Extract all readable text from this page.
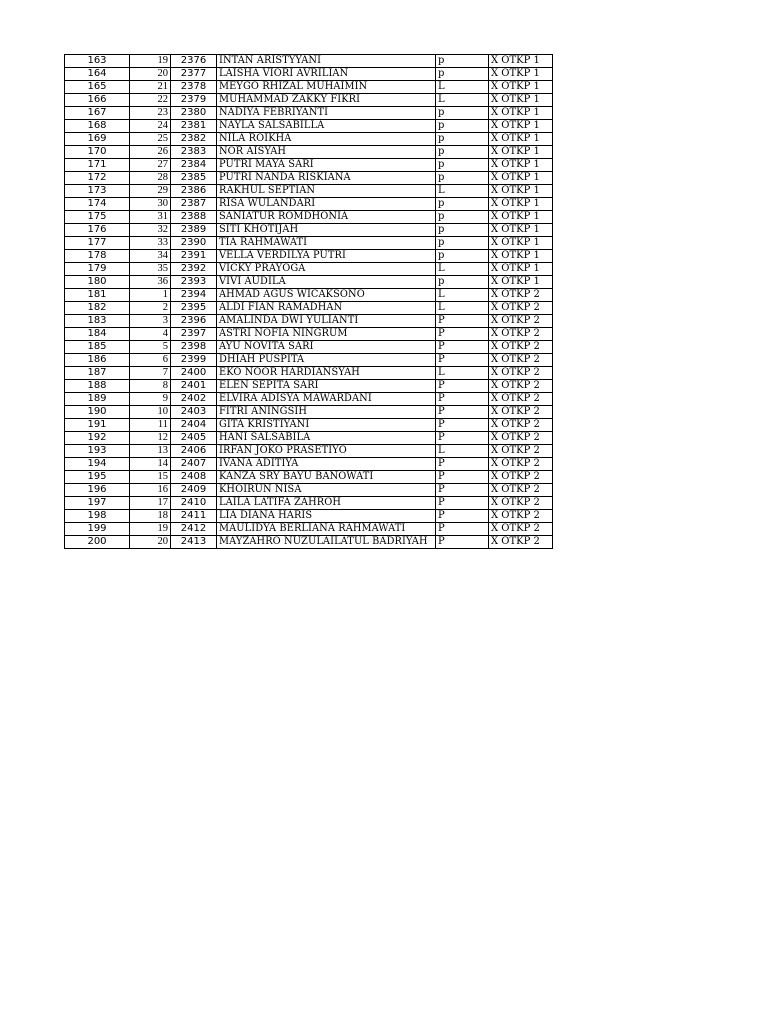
163	19	2376	INTAN ARISTYYANI	p	X OTKP 1
164	20	2377	LAISHA VIORI AVRILIAN	p	X OTKP 1
165	21	2378	MEYGO RHIZAL MUHAIMIN	L	X OTKP 1
166	22	2379	MUHAMMAD ZAKKY FIKRI	L	X OTKP 1
167	23	2380	NADIYA FEBRIYANTI	p	X OTKP 1
168	24	2381	NAYLA SALSABILLA	p	X OTKP 1
169	25	2382	NILA ROIKHA	p	X OTKP 1
170	26	2383	NOR AISYAH	p	X OTKP 1
171	27	2384	PUTRI MAYA SARI	p	X OTKP 1
172	28	2385	PUTRI NANDA RISKIANA	p	X OTKP 1
173	29	2386	RAKHUL SEPTIAN	L	X OTKP 1
174	30	2387	RISA WULANDARI	p	X OTKP 1
175	31	2388	SANIATUR ROMDHONIA	p	X OTKP 1
176	32	2389	SITI KHOTIJAH	p	X OTKP 1
177	33	2390	TIA RAHMAWATI	p	X OTKP 1
178	34	2391	VELLA VERDILYA PUTRI	p	X OTKP 1
179	35	2392	VICKY PRAYOGA	L	X OTKP 1
180	36	2393	VIVI AUDILA	p	X OTKP 1
181	1	2394	AHMAD AGUS WICAKSONO	L	X OTKP 2
182	2	2395	ALDI FIAN RAMADHAN	L	X OTKP 2
183	3	2396	AMALINDA DWI YULIANTI	P	X OTKP 2
184	4	2397	ASTRI NOFIA NINGRUM	P	X OTKP 2
185	5	2398	AYU NOVITA SARI	P	X OTKP 2
186	6	2399	DHIAH PUSPITA	P	X OTKP 2
187	7	2400	EKO NOOR HARDIANSYAH	L	X OTKP 2
188	8	2401	ELEN SEPITA SARI	P	X OTKP 2
189	9	2402	ELVIRA ADISYA MAWARDANI	P	X OTKP 2
190	10	2403	FITRI ANINGSIH	P	X OTKP 2
191	11	2404	GITA KRISTIYANI	P	X OTKP 2
192	12	2405	HANI SALSABILA	P	X OTKP 2
193	13	2406	IRFAN JOKO PRASETIYO	L	X OTKP 2
194	14	2407	IVANA ADITIYA	P	X OTKP 2
195	15	2408	KANZA SRY BAYU BANOWATI	P	X OTKP 2
196	16	2409	KHOIRUN NISA	P	X OTKP 2
197	17	2410	LAILA LATIFA ZAHROH	P	X OTKP 2
198	18	2411	LIA DIANA HARIS	P	X OTKP 2
199	19	2412	MAULIDYA BERLIANA RAHMAWATI	P	X OTKP 2
200	20	2413	MAYZAHRO NUZULAILATUL BADRIYAH	P	X OTKP 2
